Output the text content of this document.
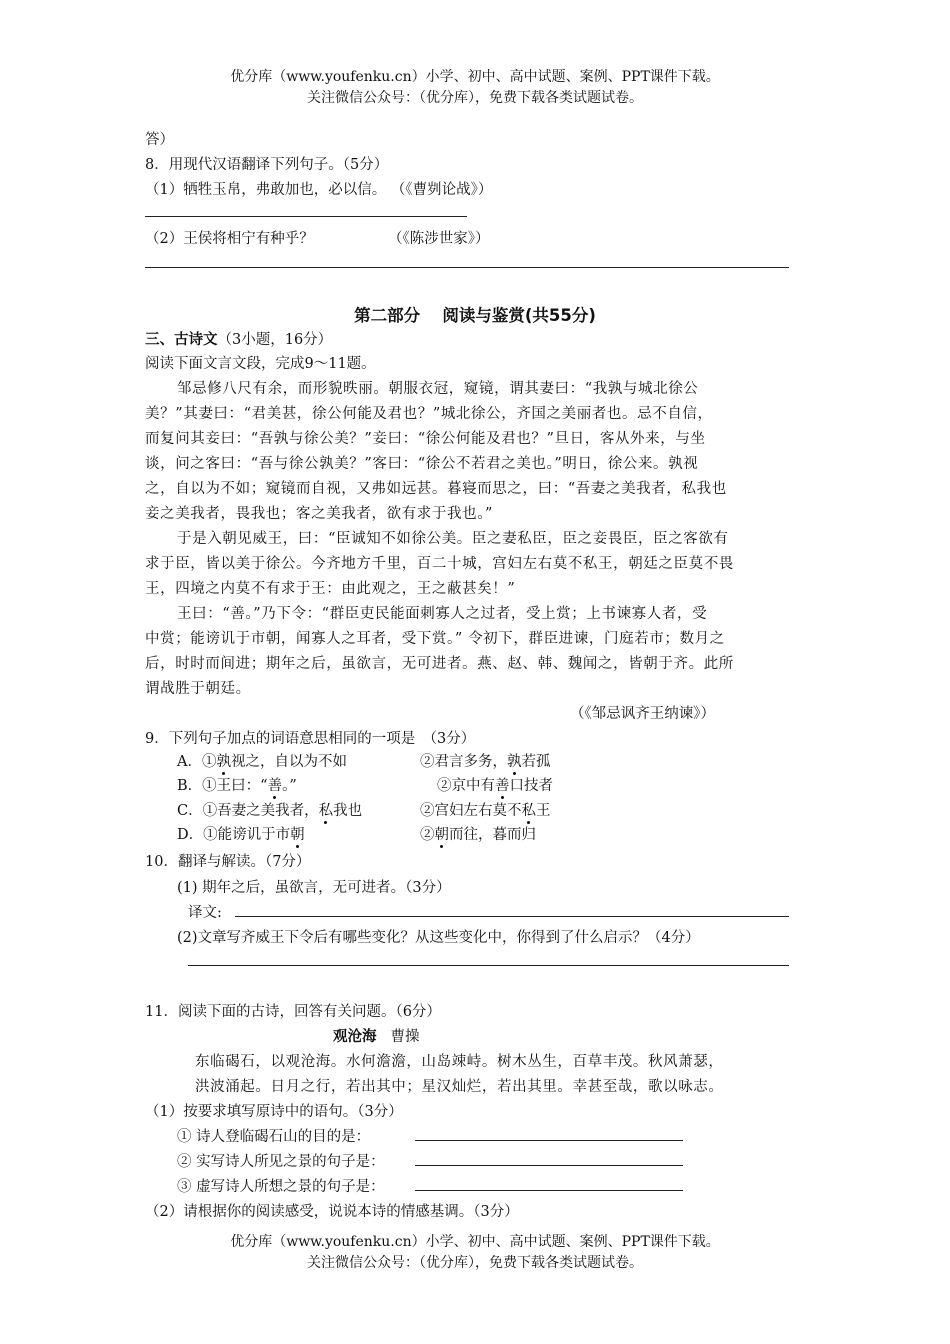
优分库（www.youfenku.cn）小学、初中、高中试题、案例、PPT课件下载。
关注微信公众号：（优分库），免费下载各类试题试卷。
答）
8．用现代汉语翻译下列句子。（5分）
（1）牺牲玉帛，弗敢加也，必以信。 （《曹刿论战》）
（2）王侯将相宁有种乎？	（《陈涉世家》）
第二部分　 阅读与鉴赏(共55分)
三、古诗文（3小题，16分）
阅读下面文言文段，完成9～11题。
邹忌修八尺有余，而形貌昳丽。朝服衣冠，窥镜，谓其妻曰：“我孰与城北徐公
美？”其妻曰：“君美甚，徐公何能及君也？”城北徐公，齐国之美丽者也。忌不自信，
而复问其妾曰：“吾孰与徐公美？”妾曰：“徐公何能及君也？”旦日，客从外来，与坐
谈，问之客曰：“吾与徐公孰美？”客曰：“徐公不若君之美也。”明日，徐公来。孰视
之，自以为不如；窥镜而自视，又弗如远甚。暮寝而思之，曰：“吾妻之美我者，私我也
妾之美我者，畏我也；客之美我者，欲有求于我也。”
于是入朝见威王，曰：“臣诚知不如徐公美。臣之妻私臣，臣之妾畏臣，臣之客欲有
求于臣，皆以美于徐公。今齐地方千里，百二十城，宫妇左右莫不私王，朝廷之臣莫不畏
王，四境之内莫不有求于王：由此观之，王之蔽甚矣！”
王曰：“善。”乃下令：“群臣吏民能面刺寡人之过者，受上赏；上书谏寡人者，受
中赏；能谤讥于市朝，闻寡人之耳者，受下赏。” 令初下，群臣进谏，门庭若市；数月之
后，时时而间进；期年之后，虽欲言，无可进者。燕、赵、韩、魏闻之，皆朝于齐。此所
谓战胜于朝廷。
（《邹忌讽齐王纳谏》）
9．下列句子加点的词语意思相同的一项是　（3分）
A．①孰视之，自以为不如	②君言多务，孰若孤
B．①王曰：“善。”	②京中有善口技者
C．①吾妻之美我者，私我也	②宫妇左右莫不私王
D．①能谤讥于市朝	②朝而往，暮而归
10．翻译与解读。（7分）
(1) 期年之后，虽欲言，无可进者。（3分）
译文:
(2)文章写齐威王下令后有哪些变化？从这些变化中，你得到了什么启示？（4分）
11．阅读下面的古诗，回答有关问题。（6分）
观沧海 曹操
东临碣石，以观沧海。水何澹澹，山岛竦峙。树木丛生，百草丰茂。秋风萧瑟，
洪波涌起。日月之行，若出其中；星汉灿烂，若出其里。幸甚至哉，歌以咏志。
（1）按要求填写原诗中的语句。（3分）
① 诗人登临碣石山的目的是：
② 实写诗人所见之景的句子是：
③ 虚写诗人所想之景的句子是：
（2）请根据你的阅读感受，说说本诗的情感基调。（3分）
优分库（www.youfenku.cn）小学、初中、高中试题、案例、PPT课件下载。
关注微信公众号：（优分库），免费下载各类试题试卷。
